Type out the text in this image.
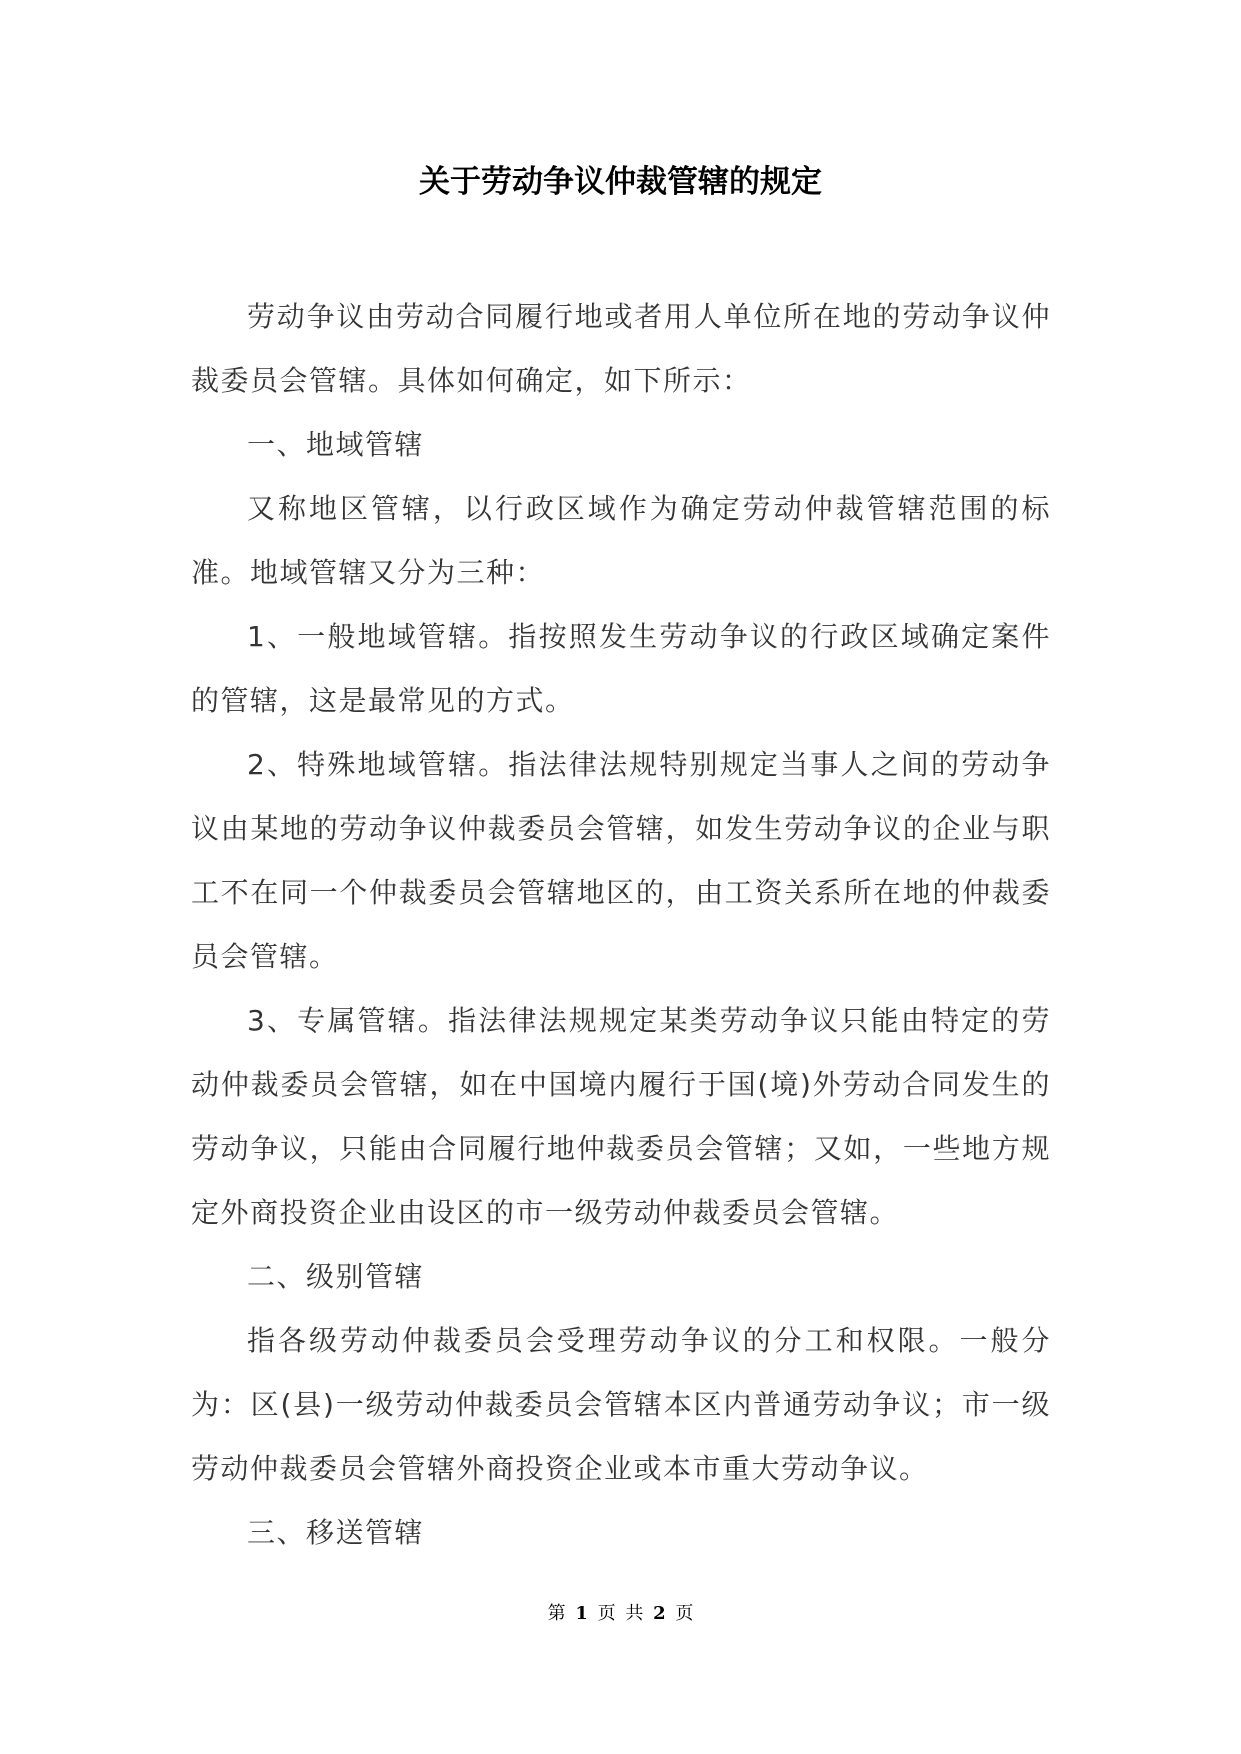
关于劳动争议仲裁管辖的规定

劳动争议由劳动合同履行地或者用人单位所在地的劳动争议仲裁委员会管辖。具体如何确定，如下所示：

一、地域管辖

又称地区管辖，以行政区域作为确定劳动仲裁管辖范围的标准。地域管辖又分为三种：

1、一般地域管辖。指按照发生劳动争议的行政区域确定案件的管辖，这是最常见的方式。

2、特殊地域管辖。指法律法规特别规定当事人之间的劳动争议由某地的劳动争议仲裁委员会管辖，如发生劳动争议的企业与职工不在同一个仲裁委员会管辖地区的，由工资关系所在地的仲裁委员会管辖。

3、专属管辖。指法律法规规定某类劳动争议只能由特定的劳动仲裁委员会管辖，如在中国境内履行于国(境)外劳动合同发生的劳动争议，只能由合同履行地仲裁委员会管辖；又如，一些地方规定外商投资企业由设区的市一级劳动仲裁委员会管辖。

二、级别管辖

指各级劳动仲裁委员会受理劳动争议的分工和权限。一般分为：区(县)一级劳动仲裁委员会管辖本区内普通劳动争议；市一级劳动仲裁委员会管辖外商投资企业或本市重大劳动争议。

三、移送管辖

第 1 页 共 2 页
